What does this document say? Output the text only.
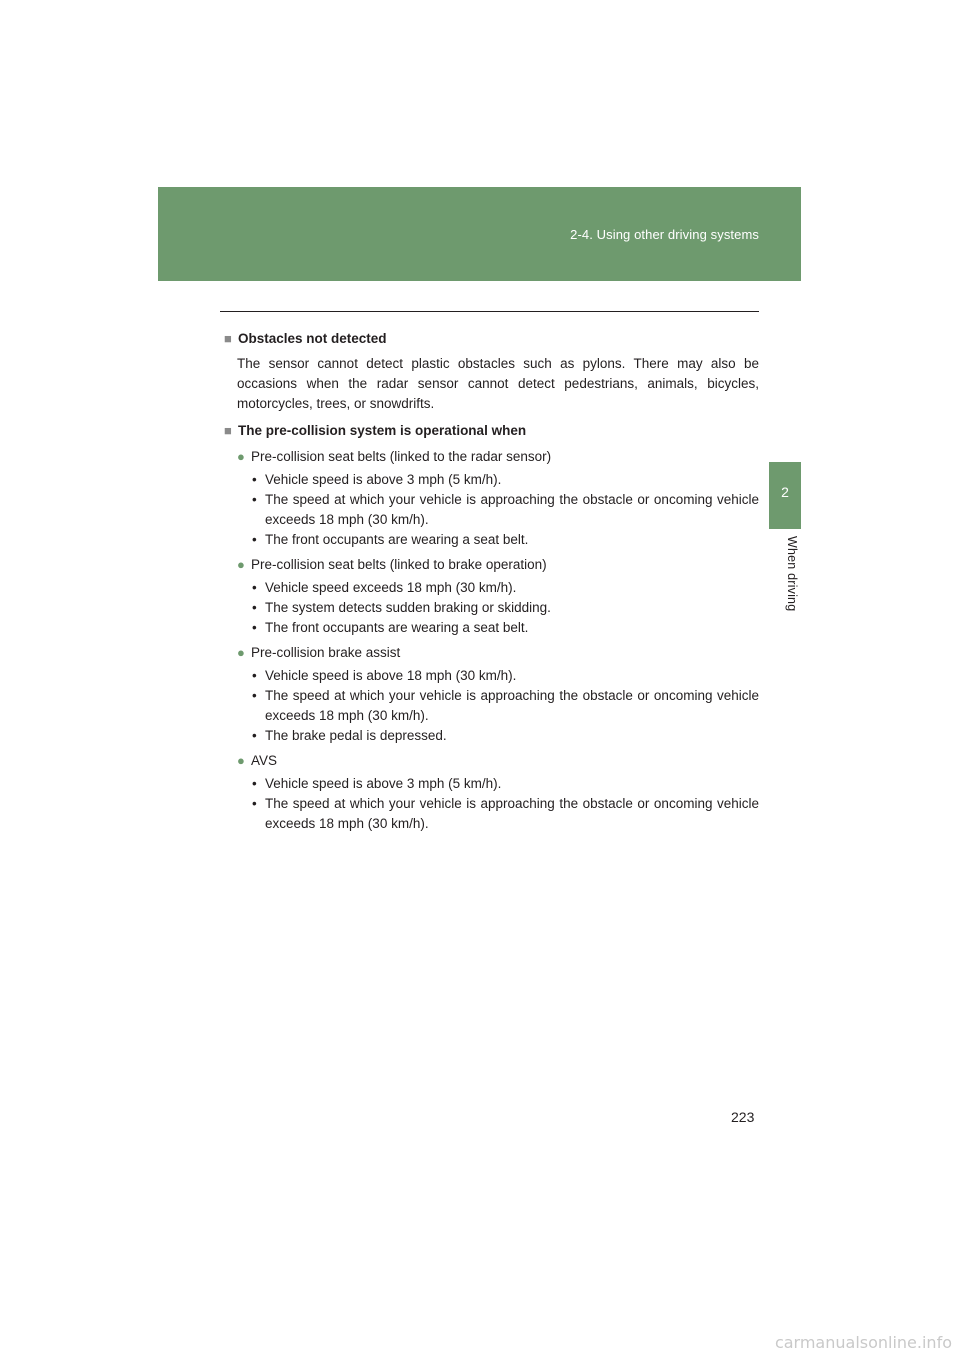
2-4. Using other driving systems
2
When driving
■ Obstacles not detected

The sensor cannot detect plastic obstacles such as pylons. There may also be occasions when the radar sensor cannot detect pedestrians, animals, bicycles, motorcycles, trees, or snowdrifts.

■ The pre-collision system is operational when
● Pre-collision seat belts (linked to the radar sensor)
• Vehicle speed is above 3 mph (5 km/h).
• The speed at which your vehicle is approaching the obstacle or oncoming vehicle exceeds 18 mph (30 km/h).
• The front occupants are wearing a seat belt.
● Pre-collision seat belts (linked to brake operation)
• Vehicle speed exceeds 18 mph (30 km/h).
• The system detects sudden braking or skidding.
• The front occupants are wearing a seat belt.
● Pre-collision brake assist
• Vehicle speed is above 18 mph (30 km/h).
• The speed at which your vehicle is approaching the obstacle or oncoming vehicle exceeds 18 mph (30 km/h).
• The brake pedal is depressed.
● AVS
• Vehicle speed is above 3 mph (5 km/h).
• The speed at which your vehicle is approaching the obstacle or oncoming vehicle exceeds 18 mph (30 km/h).
223
carmanualsonline.info
